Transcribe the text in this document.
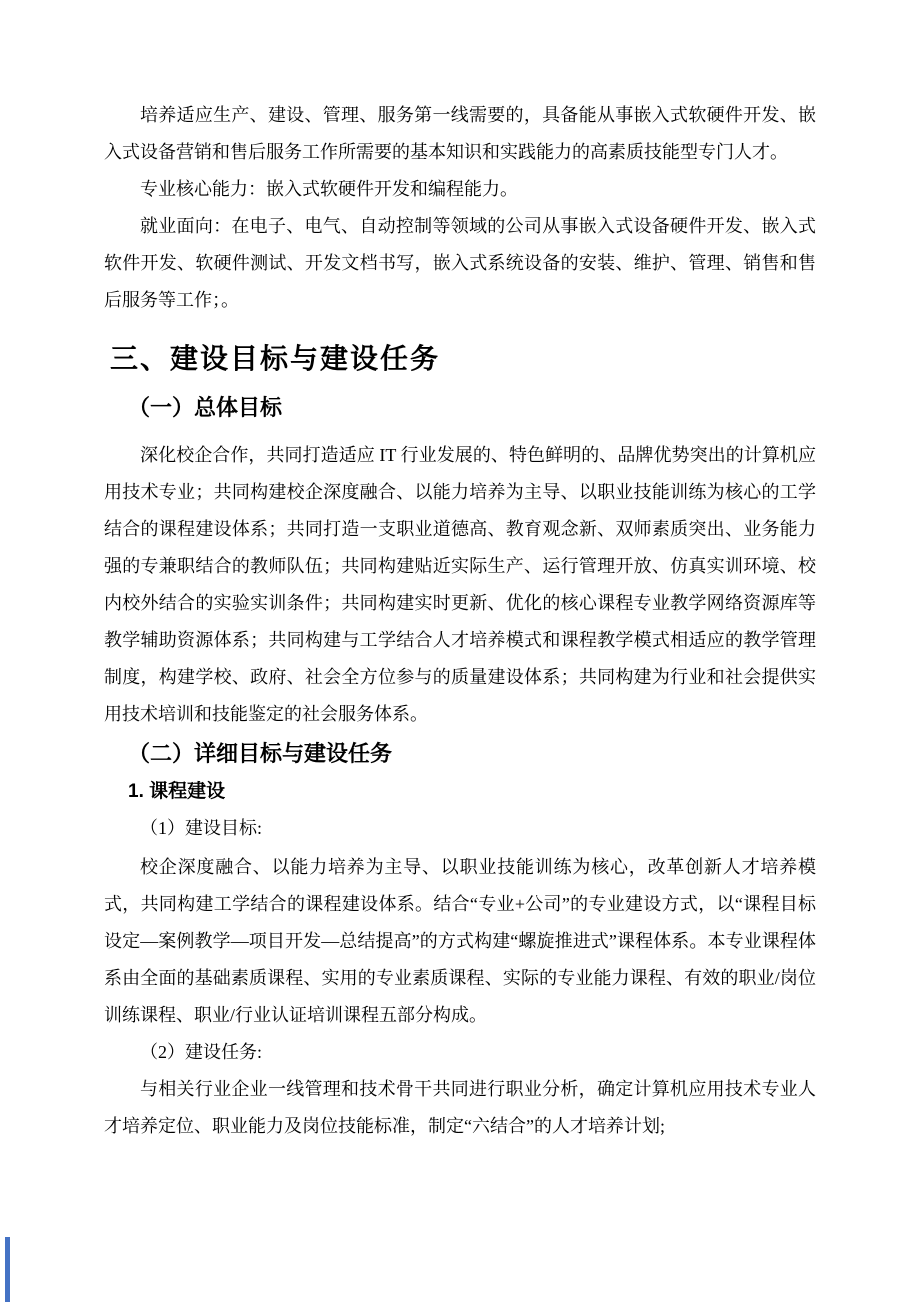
培养适应生产、建设、管理、服务第一线需要的，具备能从事嵌入式软硬件开发、嵌入式设备营销和售后服务工作所需要的基本知识和实践能力的高素质技能型专门人才。

专业核心能力：嵌入式软硬件开发和编程能力。

就业面向：在电子、电气、自动控制等领域的公司从事嵌入式设备硬件开发、嵌入式软件开发、软硬件测试、开发文档书写，嵌入式系统设备的安装、维护、管理、销售和售后服务等工作；。

三、建设目标与建设任务
（一）总体目标

深化校企合作，共同打造适应 IT 行业发展的、特色鲜明的、品牌优势突出的计算机应用技术专业；共同构建校企深度融合、以能力培养为主导、以职业技能训练为核心的工学结合的课程建设体系；共同打造一支职业道德高、教育观念新、双师素质突出、业务能力强的专兼职结合的教师队伍；共同构建贴近实际生产、运行管理开放、仿真实训环境、校内校外结合的实验实训条件；共同构建实时更新、优化的核心课程专业教学网络资源库等教学辅助资源体系；共同构建与工学结合人才培养模式和课程教学模式相适应的教学管理制度，构建学校、政府、社会全方位参与的质量建设体系；共同构建为行业和社会提供实用技术培训和技能鉴定的社会服务体系。

（二）详细目标与建设任务
1. 课程建设

（1）建设目标:

校企深度融合、以能力培养为主导、以职业技能训练为核心，改革创新人才培养模式，共同构建工学结合的课程建设体系。结合“专业+公司”的专业建设方式，以“课程目标设定—案例教学—项目开发—总结提高”的方式构建“螺旋推进式”课程体系。本专业课程体系由全面的基础素质课程、实用的专业素质课程、实际的专业能力课程、有效的职业/岗位训练课程、职业/行业认证培训课程五部分构成。

（2）建设任务:

与相关行业企业一线管理和技术骨干共同进行职业分析，确定计算机应用技术专业人才培养定位、职业能力及岗位技能标准，制定“六结合”的人才培养计划;
